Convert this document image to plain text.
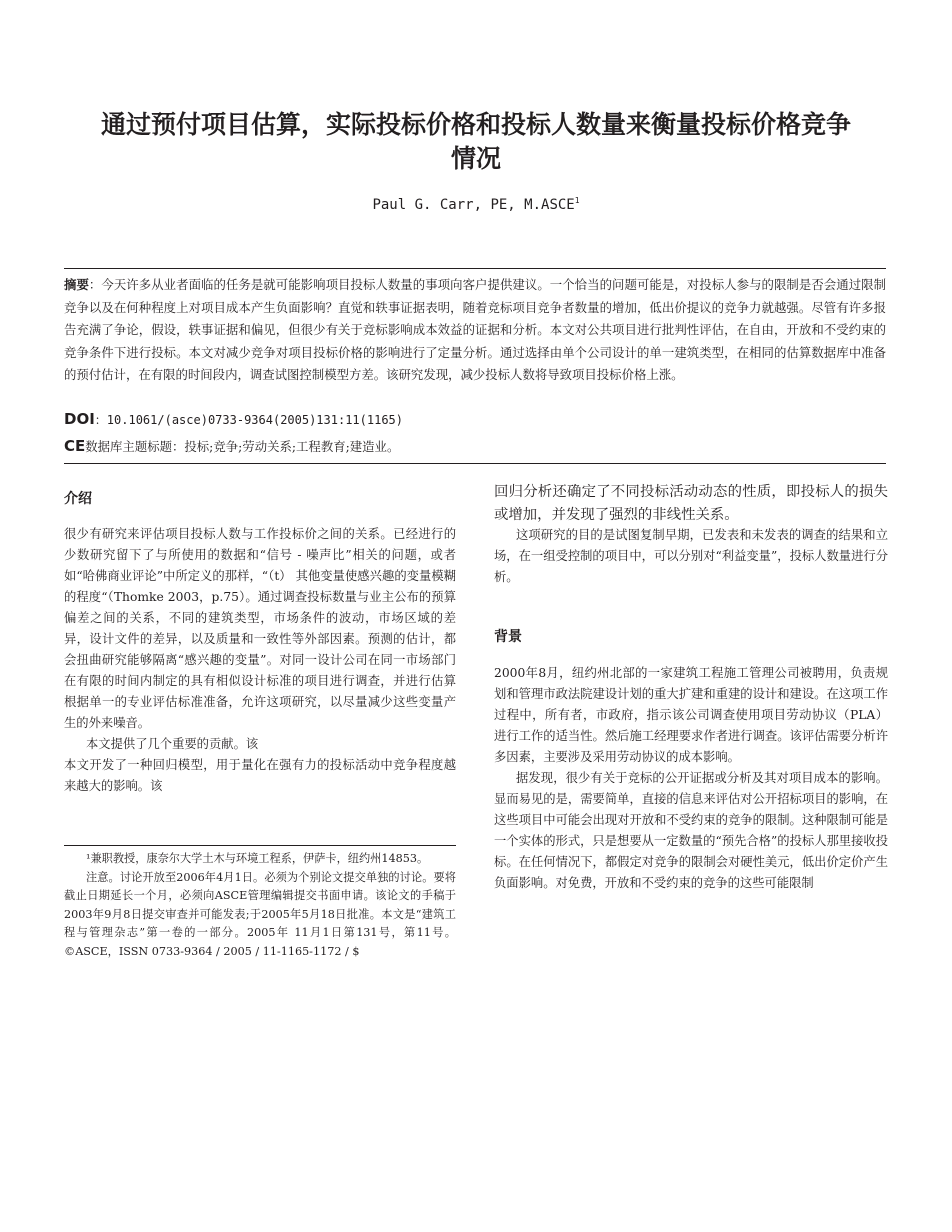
通过预付项目估算，实际投标价格和投标人数量来衡量投标价格竞争情况
Paul G. Carr, PE, M.ASCE$^1$
摘要：今天许多从业者面临的任务是就可能影响项目投标人数量的事项向客户提供建议。一个恰当的问题可能是，对投标人参与的限制是否会通过限制竞争以及在何种程度上对项目成本产生负面影响？直觉和轶事证据表明，随着竞标项目竞争者数量的增加，低出价提议的竞争力就越强。尽管有许多报告充满了争论，假设，轶事证据和偏见，但很少有关于竞标影响成本效益的证据和分析。本文对公共项目进行批判性评估，在自由，开放和不受约束的竞争条件下进行投标。本文对减少竞争对项目投标价格的影响进行了定量分析。通过选择由单个公司设计的单一建筑类型，在相同的估算数据库中准备的预付估计，在有限的时间段内，调查试图控制模型方差。该研究发现，减少投标人数将导致项目投标价格上涨。
DOI：10.1061/(asce)0733-9364(2005)131:11(1165)
CE数据库主题标题：投标;竞争;劳动关系;工程教育;建造业。
介绍

很少有研究来评估项目投标人数与工作投标价之间的关系。已经进行的少数研究留下了与所使用的数据和“信号 - 噪声比”相关的问题，或者如“哈佛商业评论”中所定义的那样，“（t） 其他变量使感兴趣的变量模糊的程度“（Thomke 2003，p.75）。通过调查投标数量与业主公布的预算偏差之间的关系，不同的建筑类型，市场条件的波动，市场区域的差异，设计文件的差异，以及质量和一致性等外部因素。预测的估计，都会扭曲研究能够隔离“感兴趣的变量”。对同一设计公司在同一市场部门在有限的时间内制定的具有相似设计标准的项目进行调查，并进行估算根据单一的专业评估标准准备，允许这项研究，以尽量减少这些变量产生的外来噪音。

本文提供了几个重要的贡献。该

本文开发了一种回归模型，用于量化在强有力的投标活动中竞争程度越来越大的影响。该

¹兼职教授，康奈尔大学土木与环境工程系，伊萨卡，纽约州14853。

注意。讨论开放至2006年4月1日。必须为个别论文提交单独的讨论。要将截止日期延长一个月，必须向ASCE管理编辑提交书面申请。该论文的手稿于2003年9月8日提交审查并可能发表;于2005年5月18日批准。本文是“建筑工程与管理杂志”第一卷的一部分。2005年 11月1日第131号，第11号。©ASCE，ISSN 0733-9364 / 2005 / 11-1165-1172 / $

回归分析还确定了不同投标活动动态的性质，即投标人的损失或增加，并发现了强烈的非线性关系。

这项研究的目的是试图复制早期，已发表和未发表的调查的结果和立场，在一组受控制的项目中，可以分别对“利益变量”，投标人数量进行分析。

背景

2000年8月，纽约州北部的一家建筑工程施工管理公司被聘用，负责规划和管理市政法院建设计划的重大扩建和重建的设计和建设。在这项工作过程中，所有者，市政府，指示该公司调查使用项目劳动协议（PLA）进行工作的适当性。然后施工经理要求作者进行调查。该评估需要分析许多因素，主要涉及采用劳动协议的成本影响。

据发现，很少有关于竞标的公开证据或分析及其对项目成本的影响。显而易见的是，需要简单，直接的信息来评估对公开招标项目的影响，在这些项目中可能会出现对开放和不受约束的竞争的限制。这种限制可能是一个实体的形式，只是想要从一定数量的“预先合格”的投标人那里接收投标。在任何情况下，都假定对竞争的限制会对硬性美元，低出价定价产生负面影响。对免费，开放和不受约束的竞争的这些可能限制
